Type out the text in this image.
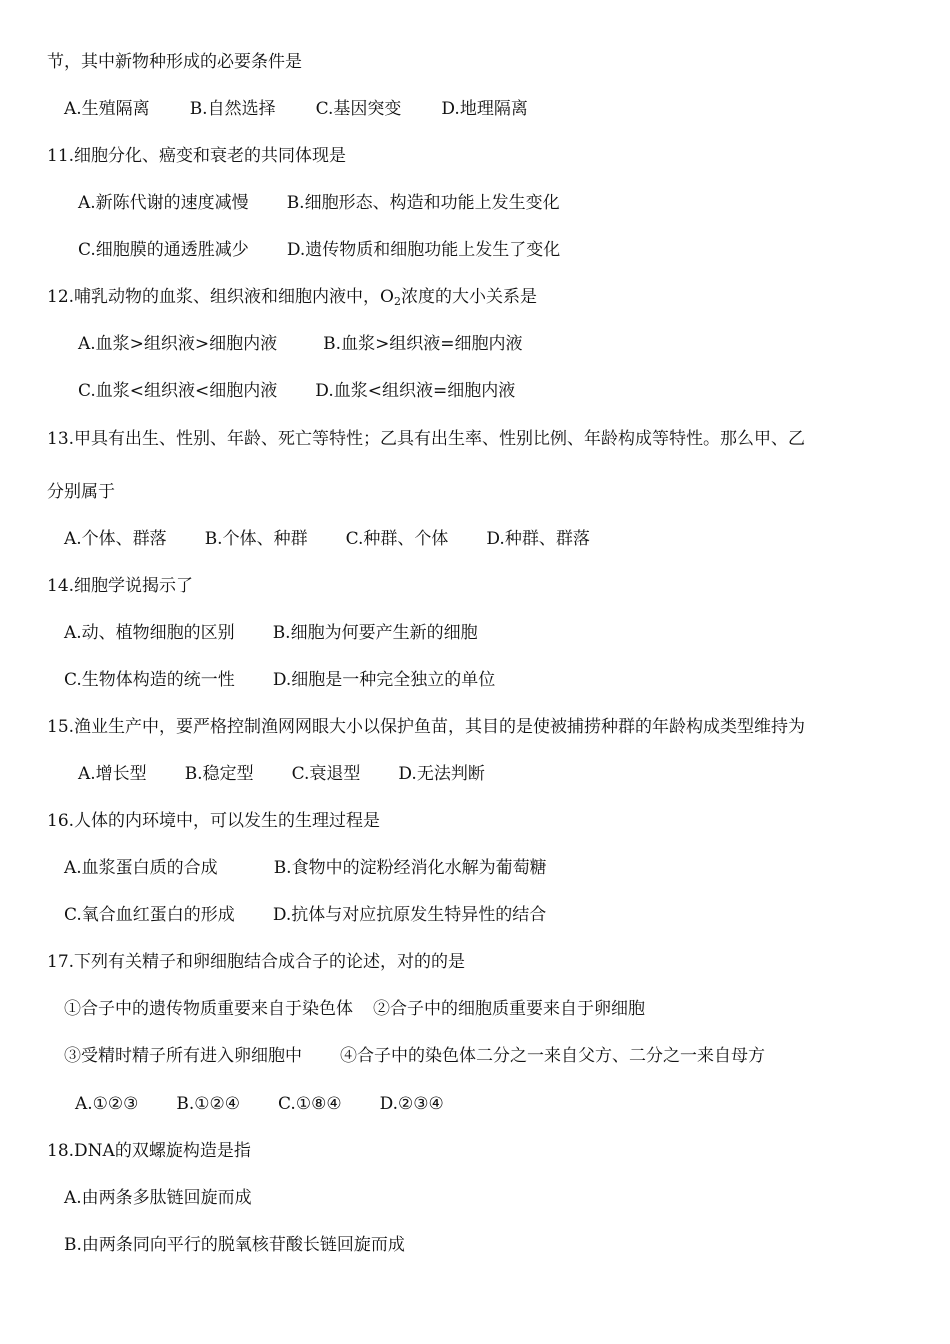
节，其中新物种形成的必要条件是
A.生殖隔离 B.自然选择 C.基因突变 D.地理隔离
11.细胞分化、癌变和衰老的共同体现是
A.新陈代谢的速度减慢 B.细胞形态、构造和功能上发生变化
C.细胞膜的通透胜减少 D.遗传物质和细胞功能上发生了变化
12.哺乳动物的血浆、组织液和细胞内液中，$O_2$浓度的大小关系是
A.血浆>组织液>细胞内液	B.血浆>组织液=细胞内液
C.血浆<组织液<细胞内液 D.血浆<组织液=细胞内液
13.甲具有出生、性别、年龄、死亡等特性；乙具有出生率、性别比例、年龄构成等特性。那么甲、乙
分别属于
A.个体、群落 B.个体、种群 C.种群、个体 D.种群、群落
14.细胞学说揭示了
A.动、植物细胞的区别 B.细胞为何要产生新的细胞
C.生物体构造的统一性 D.细胞是一种完全独立的单位
15.渔业生产中，要严格控制渔网网眼大小以保护鱼苗，其目的是使被捕捞种群的年龄构成类型维持为
A.增长型 B.稳定型 C.衰退型 D.无法判断
16.人体的内环境中，可以发生的生理过程是
A.血浆蛋白质的合成	B.食物中的淀粉经消化水解为葡萄糖
C.氧合血红蛋白的形成 D.抗体与对应抗原发生特异性的结合
17.下列有关精子和卵细胞结合成合子的论述，对的的是
①合子中的遗传物质重要来自于染色体 ②合子中的细胞质重要来自于卵细胞
③受精时精子所有进入卵细胞中 ④合子中的染色体二分之一来自父方、二分之一来自母方
A.①②③ B.①②④ C.①⑧④ D.②③④
18.DNA的双螺旋构造是指
A.由两条多肽链回旋而成
B.由两条同向平行的脱氧核苷酸长链回旋而成
